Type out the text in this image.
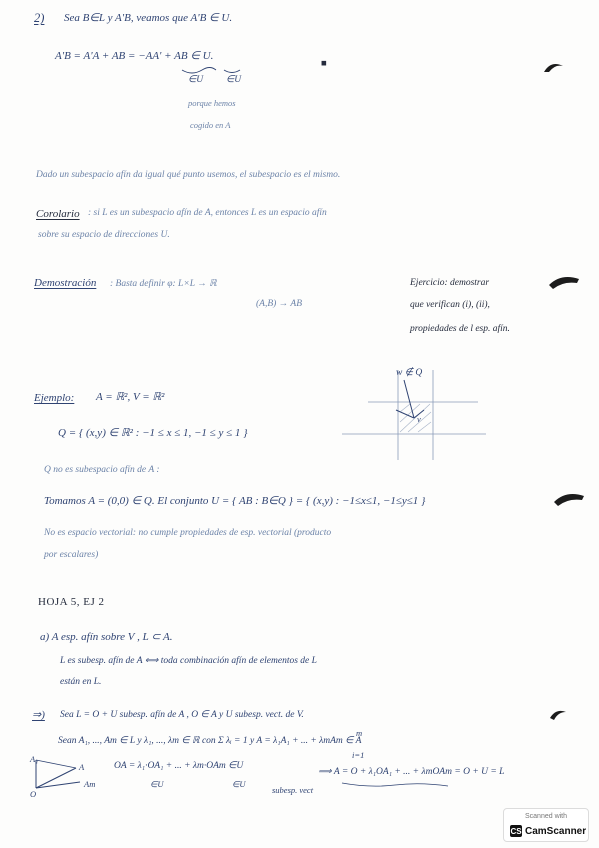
2) Sea B∈L y A'B, veamos que A'B ∈ U.
A'B = A'A + AB = −AA' + AB ∈ U.
■
∈U ∈U
porque hemos
cogido en A
Dado un subespacio afín da igual qué punto usemos, el subespacio es el mismo.
Corolario : si L es un subespacio afín de A, entonces L es un espacio afín
sobre su espacio de direcciones U.
Demostración : Basta definir φ: L×L → ℝ
(A,B) → AB
Ejercicio: demostrar
que verifican (i), (ii),
propiedades de l esp. afín.
Ejemplo: A = ℝ², V = ℝ²
Q = { (x,y) ∈ ℝ² : −1 ≤ x ≤ 1, −1 ≤ y ≤ 1 }
w ∉ Q
v
Q no es subespacio afín de A :
Tomamos A = (0,0) ∈ Q. El conjunto U = { AB : B∈Q } = { (x,y) : −1≤x≤1, −1≤y≤1 }
No es espacio vectorial: no cumple propiedades de esp. vectorial (producto
por escalares)
HOJA 5, EJ 2
a) A esp. afín sobre V , L ⊂ A.
L es subesp. afín de A ⟺ toda combinación afín de elementos de L
están en L.
⇒) Sea L = O + U subesp. afín de A , O ∈ A y U subesp. vect. de V.
Sean A₁, ..., Am ∈ L y λ₁, ..., λm ∈ ℝ con Σ λᵢ = 1 y A = λ₁A₁ + ... + λmAm ∈ A
m
i=1
A₁
A
Am
O
OA = λ₁·OA₁ + ... + λm·OAm ∈U
∈U	∈U
subesp. vect
⟹ A = O + λ₁OA₁ + ... + λmOAm = O + U = L
Scanned with
CS CamScanner
